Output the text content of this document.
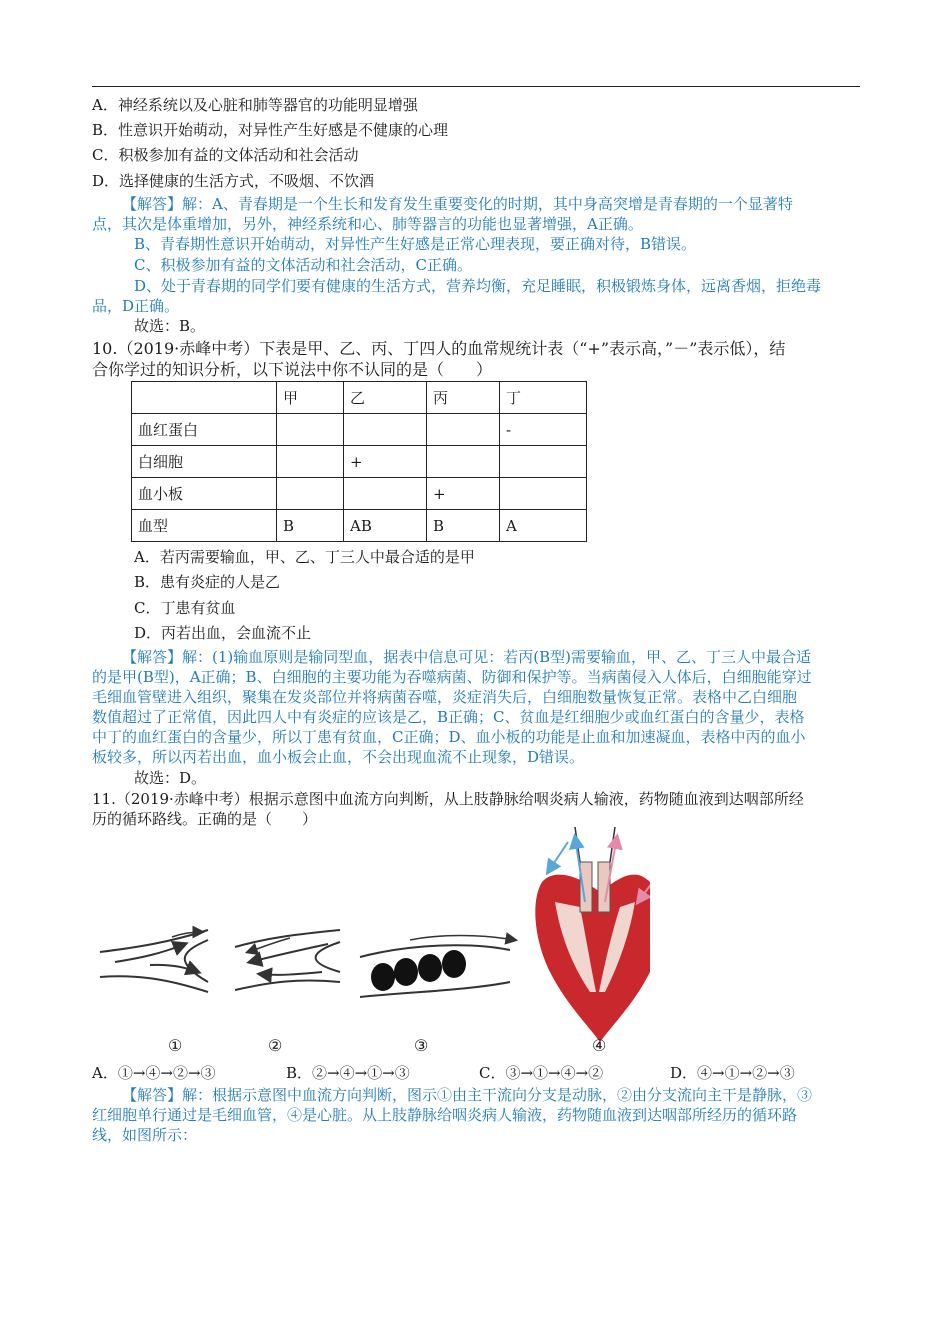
A．神经系统以及心脏和肺等器官的功能明显增强
B．性意识开始萌动，对异性产生好感是不健康的心理
C．积极参加有益的文体活动和社会活动
D．选择健康的生活方式，不吸烟、不饮酒
【解答】解：A、青春期是一个生长和发育发生重要变化的时期，其中身高突增是青春期的一个显著特
点，其次是体重增加，另外，神经系统和心、肺等器言的功能也显著增强，A正确。
B、青春期性意识开始萌动，对异性产生好感是正常心理表现，要正确对待，B错误。
C、积极参加有益的文体活动和社会活动，C正确。
D、处于青春期的同学们要有健康的生活方式，营养均衡，充足睡眠，积极锻炼身体，远离香烟，拒绝毒
品，D正确。
故选：B。
10.（2019·赤峰中考）下表是甲、乙、丙、丁四人的血常规统计表（“+”表示高，”－”表示低），结
合你学过的知识分析，以下说法中你不认同的是（　　）
	甲	乙	丙	丁
血红蛋白				-
白细胞		+		
血小板			+	
血型	B	AB	B	A
A．若丙需要输血，甲、乙、丁三人中最合适的是甲
B．患有炎症的人是乙
C．丁患有贫血
D．丙若出血，会血流不止
【解答】解：(1)输血原则是输同型血，据表中信息可见：若丙(B型)需要输血，甲、乙、丁三人中最合适
的是甲(B型)，A正确；B、白细胞的主要功能为吞噬病菌、防御和保护等。当病菌侵入人体后，白细胞能穿过
毛细血管壁进入组织，聚集在发炎部位并将病菌吞噬，炎症消失后，白细胞数量恢复正常。表格中乙白细胞
数值超过了正常值，因此四人中有炎症的应该是乙，B正确；C、贫血是红细胞少或血红蛋白的含量少，表格
中丁的血红蛋白的含量少，所以丁患有贫血，C正确；D、血小板的功能是止血和加速凝血，表格中丙的血小
板较多，所以丙若出血，血小板会止血，不会出现血流不止现象，D错误。
故选：D。
11.（2019·赤峰中考）根据示意图中血流方向判断，从上肢静脉给咽炎病人输液，药物随血液到达咽部所经
历的循环路线。正确的是（　　）
①	②	③	④
A．①→④→②→③	B．②→④→①→③	C．③→①→④→②	D．④→①→②→③
【解答】解：根据示意图中血流方向判断，图示①由主干流向分支是动脉，②由分支流向主干是静脉，③
红细胞单行通过是毛细血管，④是心脏。从上肢静脉给咽炎病人输液，药物随血液到达咽部所经历的循环路
线，如图所示：
